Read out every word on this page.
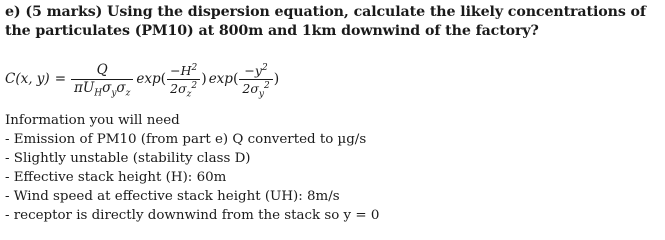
e) (5 marks) Using the dispersion equation, calculate the likely concentrations of the particulates (PM10) at 800m and 1km downwind of the factory?
C(x, $y) = \frac{Q}{\pi U_H\sigma_y\sigma_z}$ exp ( $\frac{-H^2}{2\sigma_z^2}$ ) exp ( $\frac{-y^2}{2\sigma_y^2}$ )
Information you will need
- Emission of PM10 (from part e) Q converted to µg/s
- Slightly unstable (stability class D)
- Effective stack height (H): 60m
- Wind speed at effective stack height (UH): 8m/s
- receptor is directly downwind from the stack so y = 0
